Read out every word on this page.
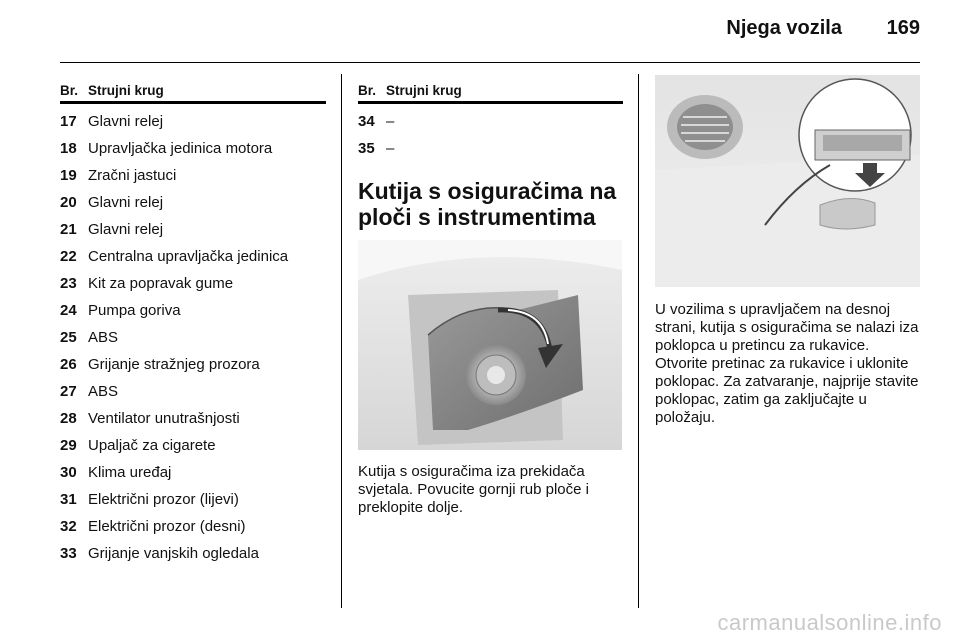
Njega vozila 169
Br. Strujni krug
17 Glavni relej
18 Upravljačka jedinica motora
19 Zračni jastuci
20 Glavni relej
21 Glavni relej
22 Centralna upravljačka jedinica
23 Kit za popravak gume
24 Pumpa goriva
25 ABS
26 Grijanje stražnjeg prozora
27 ABS
28 Ventilator unutrašnjosti
29 Upaljač za cigarete
30 Klima uređaj
31 Električni prozor (lijevi)
32 Električni prozor (desni)
33 Grijanje vanjskih ogledala
Br. Strujni krug
34 –
35 –
Kutija s osiguračima na
ploči s instrumentima
Kutija s osiguračima iza prekidača svjetala. Povucite gornji rub ploče i preklopite dolje.
U vozilima s upravljačem na desnoj strani, kutija s osiguračima se nalazi iza poklopca u pretincu za rukavice. Otvorite pretinac za rukavice i uklonite poklopac. Za zatvaranje, najprije stavite poklopac, zatim ga zaključajte u položaju.
carmanualsonline.info
